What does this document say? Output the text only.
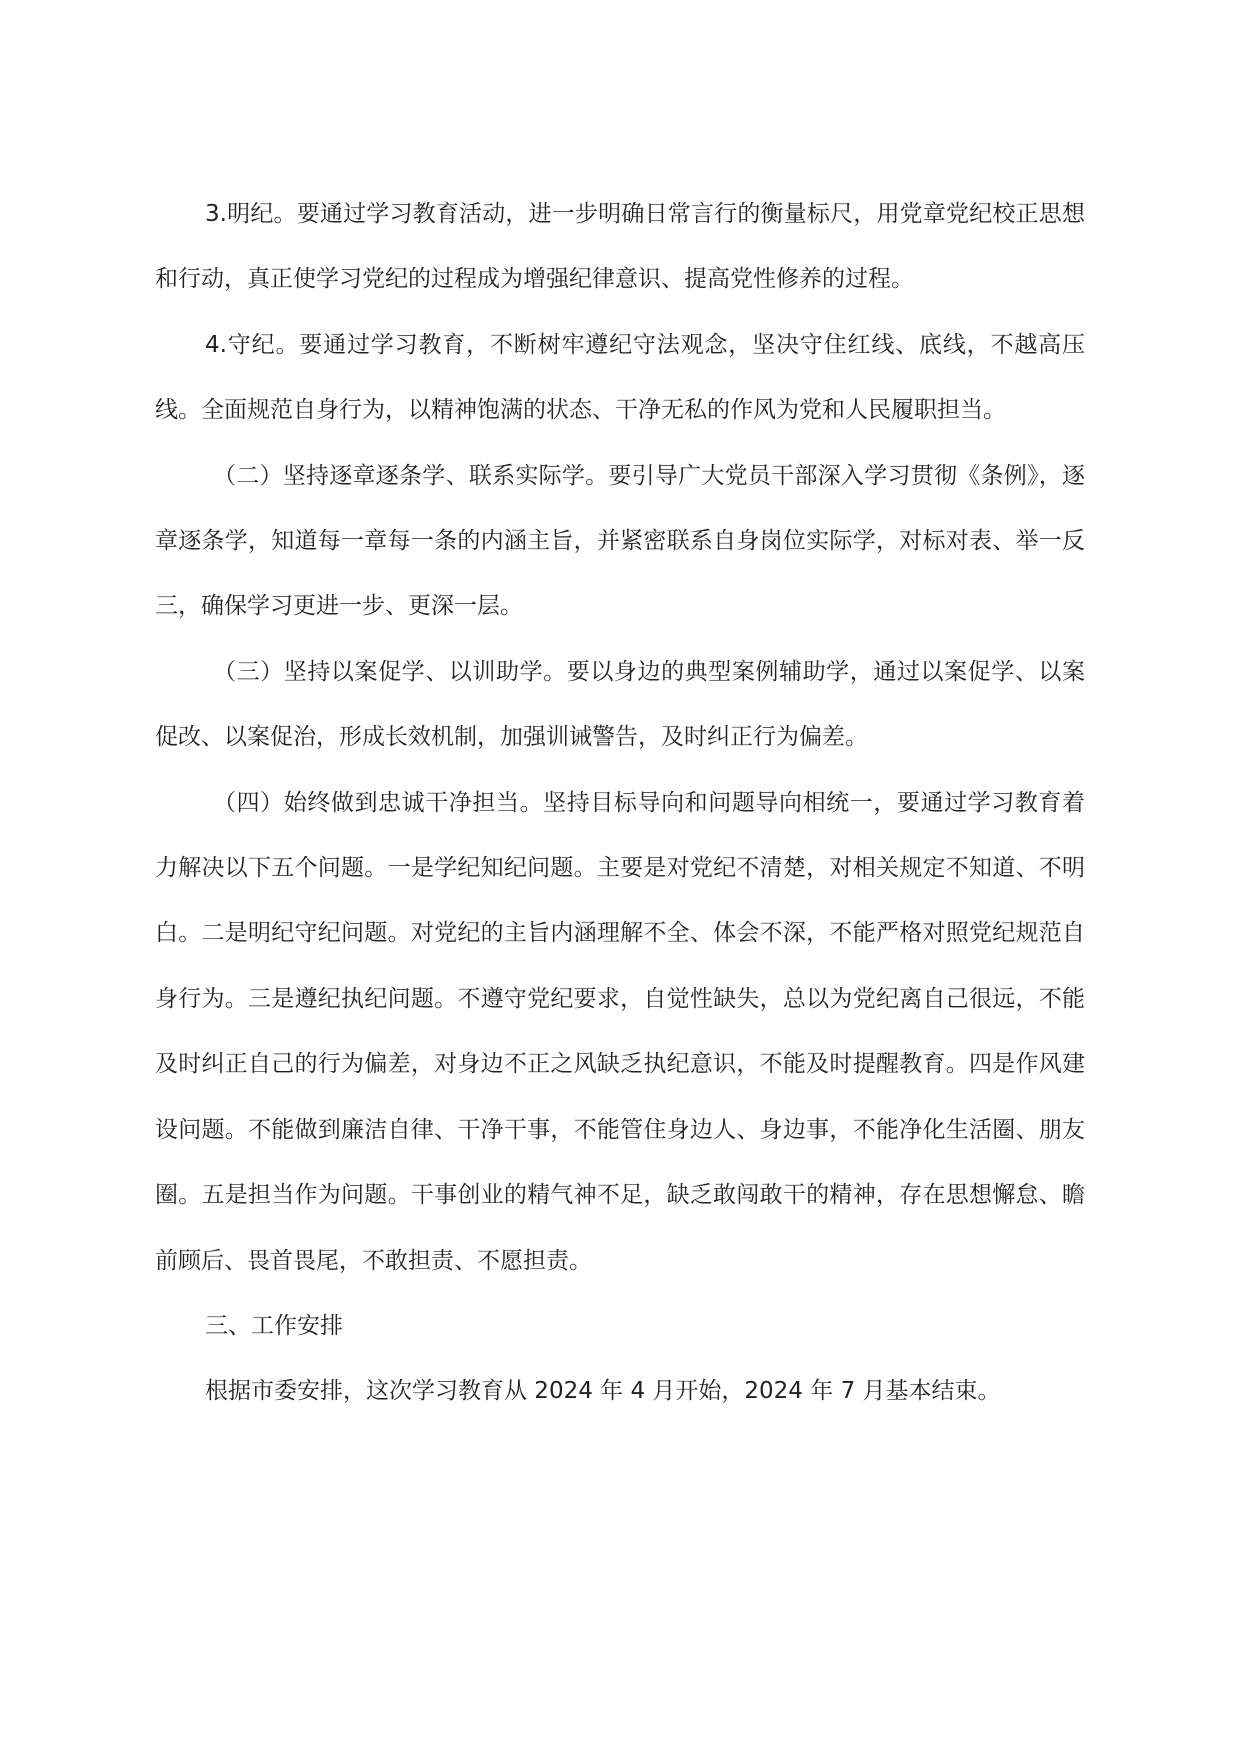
3.明纪。要通过学习教育活动，进一步明确日常言行的衡量标尺，用党章党纪校正思想和行动，真正使学习党纪的过程成为增强纪律意识、提高党性修养的过程。

4.守纪。要通过学习教育，不断树牢遵纪守法观念，坚决守住红线、底线，不越高压线。全面规范自身行为，以精神饱满的状态、干净无私的作风为党和人民履职担当。

（二）坚持逐章逐条学、联系实际学。要引导广大党员干部深入学习贯彻《条例》，逐章逐条学，知道每一章每一条的内涵主旨，并紧密联系自身岗位实际学，对标对表、举一反三，确保学习更进一步、更深一层。

（三）坚持以案促学、以训助学。要以身边的典型案例辅助学，通过以案促学、以案促改、以案促治，形成长效机制，加强训诫警告，及时纠正行为偏差。

（四）始终做到忠诚干净担当。坚持目标导向和问题导向相统一，要通过学习教育着力解决以下五个问题。一是学纪知纪问题。主要是对党纪不清楚，对相关规定不知道、不明白。二是明纪守纪问题。对党纪的主旨内涵理解不全、体会不深，不能严格对照党纪规范自身行为。三是遵纪执纪问题。不遵守党纪要求，自觉性缺失，总以为党纪离自己很远，不能及时纠正自己的行为偏差，对身边不正之风缺乏执纪意识，不能及时提醒教育。四是作风建设问题。不能做到廉洁自律、干净干事，不能管住身边人、身边事，不能净化生活圈、朋友圈。五是担当作为问题。干事创业的精气神不足，缺乏敢闯敢干的精神，存在思想懈怠、瞻前顾后、畏首畏尾，不敢担责、不愿担责。

三、工作安排

根据市委安排，这次学习教育从 2024 年 4 月开始，2024 年 7 月基本结束。
